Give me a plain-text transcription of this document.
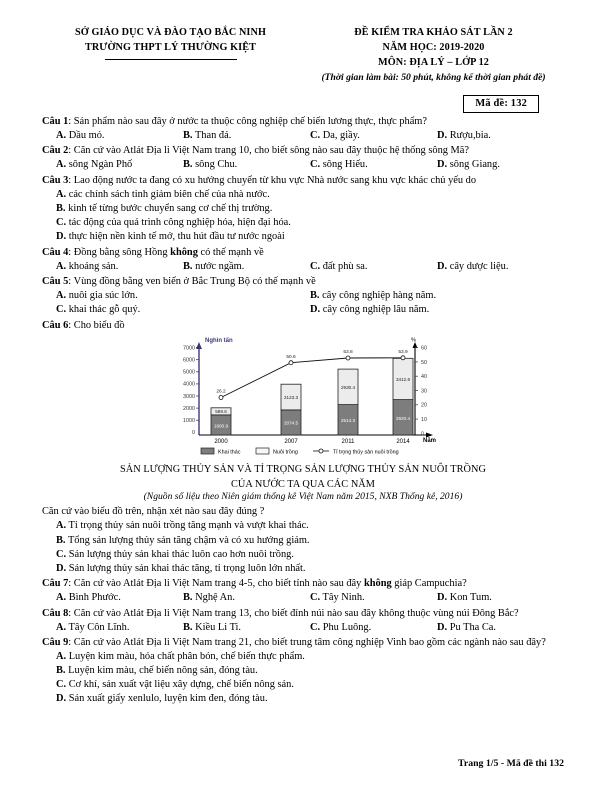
SỞ GIÁO DỤC VÀ ĐÀO TẠO BẮC NINH
TRƯỜNG THPT LÝ THƯỜNG KIỆT
ĐỀ KIỂM TRA KHẢO SÁT LẦN 2
NĂM HỌC: 2019-2020
MÔN: ĐỊA LÝ – LỚP 12
(Thời gian làm bài: 50 phút, không kể thời gian phát đề)
Mã đề: 132
Câu 1: Sản phẩm nào sau đây ở nước ta thuộc công nghiệp chế biến lương thực, thực phẩm?
A. Dầu mỏ.	B. Than đá.	C. Da, giầy.	D. Rượu,bia.
Câu 2: Căn cứ vào Atlát Địa li Việt Nam trang 10, cho biết sông nào sau đây thuộc hệ thống sông Mã?
A. sông Ngàn Phố	B. sông Chu.	C. sông Hiếu.	D. sông Giang.
Câu 3: Lao động nước ta đang có xu hướng chuyển từ khu vực Nhà nước sang khu vực khác chủ yếu do
A. các chính sách tinh giảm biên chế của nhà nước.
B. kinh tế từng bước chuyển sang cơ chế thị trường.
C. tác động của quá trình công nghiệp hóa, hiện đại hóa.
D. thực hiện nền kinh tế mở, thu hút đầu tư nước ngoài
Câu 4: Đồng bằng sông Hồng không có thế mạnh về
A. khoáng sản.	B. nước ngầm.	C. đất phù sa.	D. cây dược liệu.
Câu 5: Vùng đồng bằng ven biển ở Bắc Trung Bộ có thế mạnh về
A. nuôi gia súc lớn.	B. cây công nghiệp hàng năm.
C. khai thác gỗ quý.	D. cây công nghiệp lâu năm.
Câu 6: Cho biểu đồ
7000
6000
5000
4000
3000
2000
1000
0
60
50
40
30
20
10
0
Nghìn tấn	%
Năm
1660.9
589.6
2074.5
2123.3
2514.3
2930.4
2920.4
3412.8
26.2
50.6
53.8	53.9
2000	2007	2011	2014
Khai thác	Nuôi trồng	Tỉ trọng thủy sản nuôi trồng
SẢN LƯỢNG THỦY SẢN VÀ TỈ TRỌNG SẢN LƯỢNG THỦY SẢN NUÔI TRỒNG
CỦA NƯỚC TA QUA CÁC NĂM
(Nguồn số liệu theo Niên giám thống kê Việt Nam năm 2015, NXB Thống kê, 2016)
Căn cứ vào biểu đồ trên, nhận xét nào sau đây đúng ?
A. Tỉ trọng thủy sản nuôi trồng tăng mạnh và vượt khai thác.
B. Tổng sản lượng thủy sản tăng chậm và có xu hướng giảm.
C. Sản lượng thủy sản khai thác luôn cao hơn nuôi trồng.
D. Sản lượng thủy sản khai thác tăng, tỉ trọng luôn lớn nhất.
Câu 7: Căn cứ vào Atlát Địa li Việt Nam trang 4-5, cho biết tỉnh nào sau đây không giáp Campuchia?
A. Bình Phước.	B. Nghệ An.	C. Tây Ninh.	D. Kon Tum.
Câu 8: Căn cứ vào Atlát Địa li Việt Nam trang 13, cho biết đỉnh núi nào sau đây không thuộc vùng núi Đông Bắc?
A. Tây Côn Lĩnh.	B. Kiều Li Ti.	C. Phu Luông.	D. Pu Tha Ca.
Câu 9: Căn cứ vào Atlát Địa li Việt Nam trang 21, cho biết trung tâm công nghiệp Vinh bao gồm các ngành nào sau đây?
A. Luyện kim màu, hóa chất phân bón, chế biến thực phẩm.
B. Luyện kim màu, chế biến nông sản, đóng tàu.
C. Cơ khí, sản xuất vật liệu xây dựng, chế biến nông sản.
D. Sản xuất giấy xenlulo, luyện kim đen, đóng tàu.
Trang 1/5 - Mã đề thi 132
